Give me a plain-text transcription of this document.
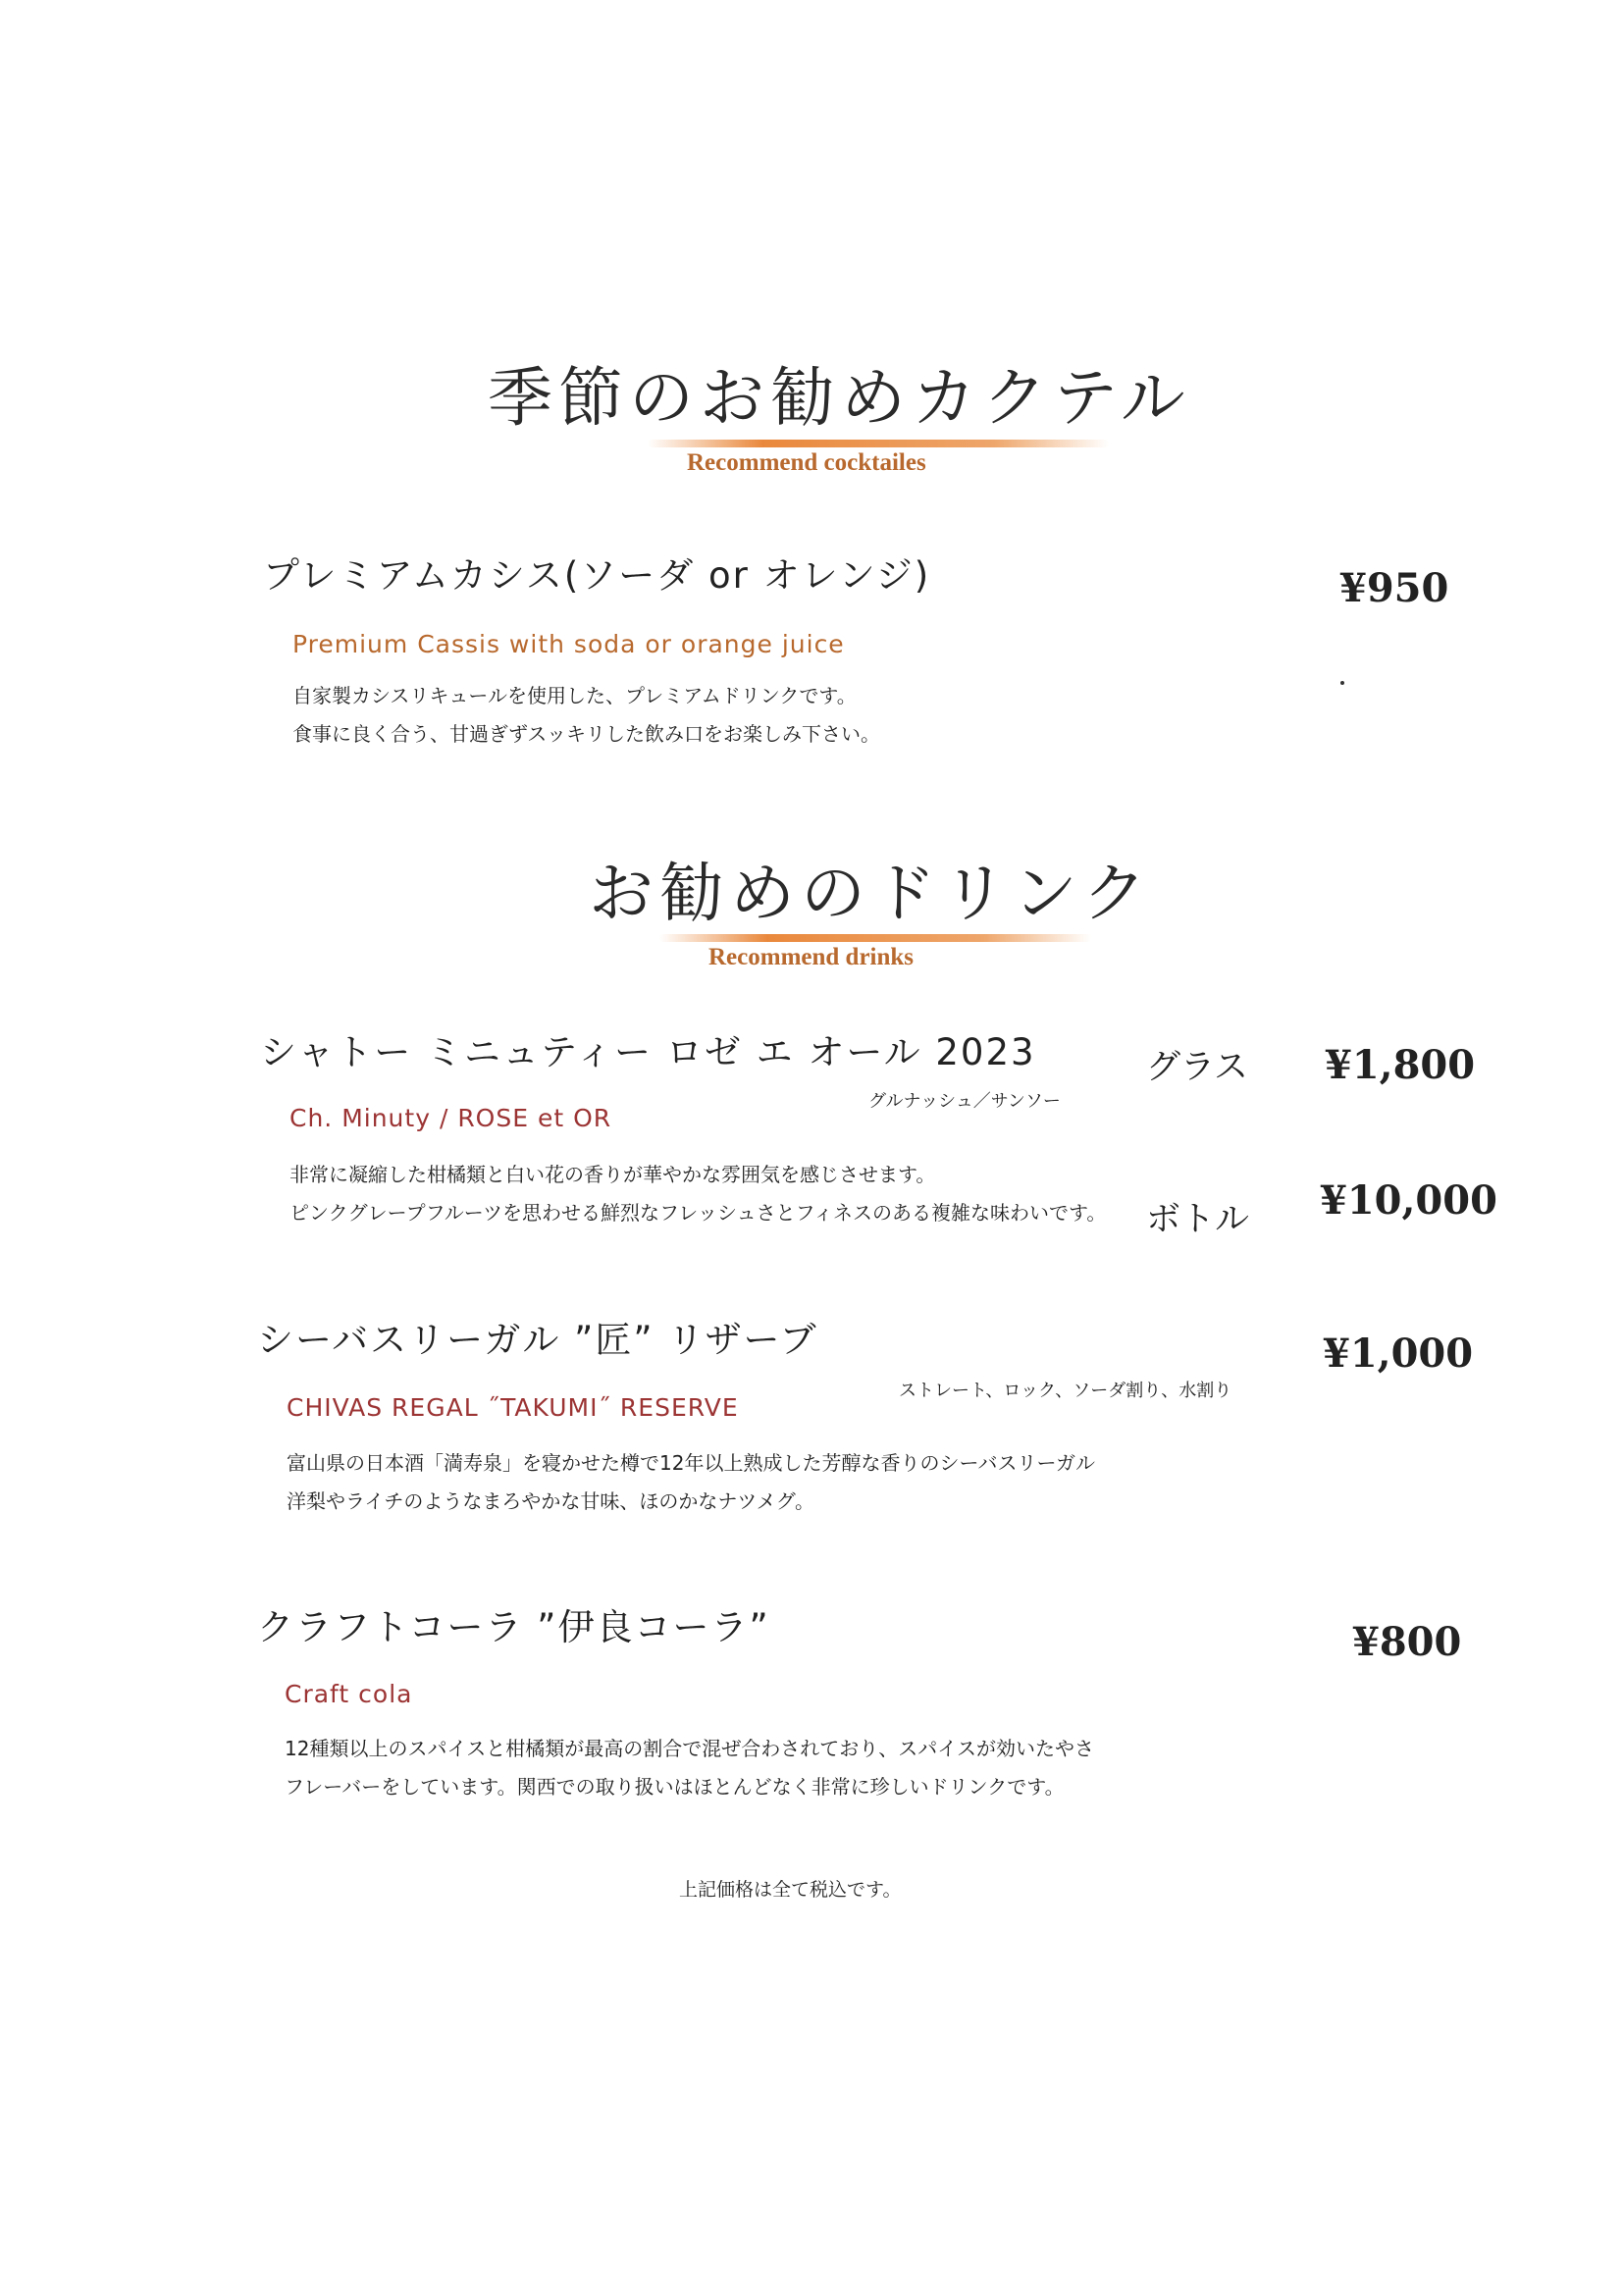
季節のお勧めカクテル
Recommend cocktailes
プレミアムカシス(ソーダ or オレンジ)	¥950
Premium Cassis with soda or orange juice
自家製カシスリキュールを使用した、プレミアムドリンクです。
食事に良く合う、甘過ぎずスッキリした飲み口をお楽しみ下さい。
お勧めのドリンク
Recommend drinks
シャトー ミニュティー ロゼ エ オール 2023	グラス ¥1,800
グルナッシュ／サンソー
Ch. Minuty / ROSE et OR
非常に凝縮した柑橘類と白い花の香りが華やかな雰囲気を感じさせます。
ピンクグレープフルーツを思わせる鮮烈なフレッシュさとフィネスのある複雑な味わいです。 ボトル ¥10,000
シーバスリーガル ”匠” リザーブ	¥1,000
ストレート、ロック、ソーダ割り、水割り
CHIVAS REGAL ˝TAKUMI˝ RESERVE
富山県の日本酒「満寿泉」を寝かせた樽で12年以上熟成した芳醇な香りのシーバスリーガル
洋梨やライチのようなまろやかな甘味、ほのかなナツメグ。
クラフトコーラ ”伊良コーラ”	¥800
Craft cola
12種類以上のスパイスと柑橘類が最高の割合で混ぜ合わされており、スパイスが効いたやさ
フレーバーをしています。関西での取り扱いはほとんどなく非常に珍しいドリンクです。
上記価格は全て税込です。
